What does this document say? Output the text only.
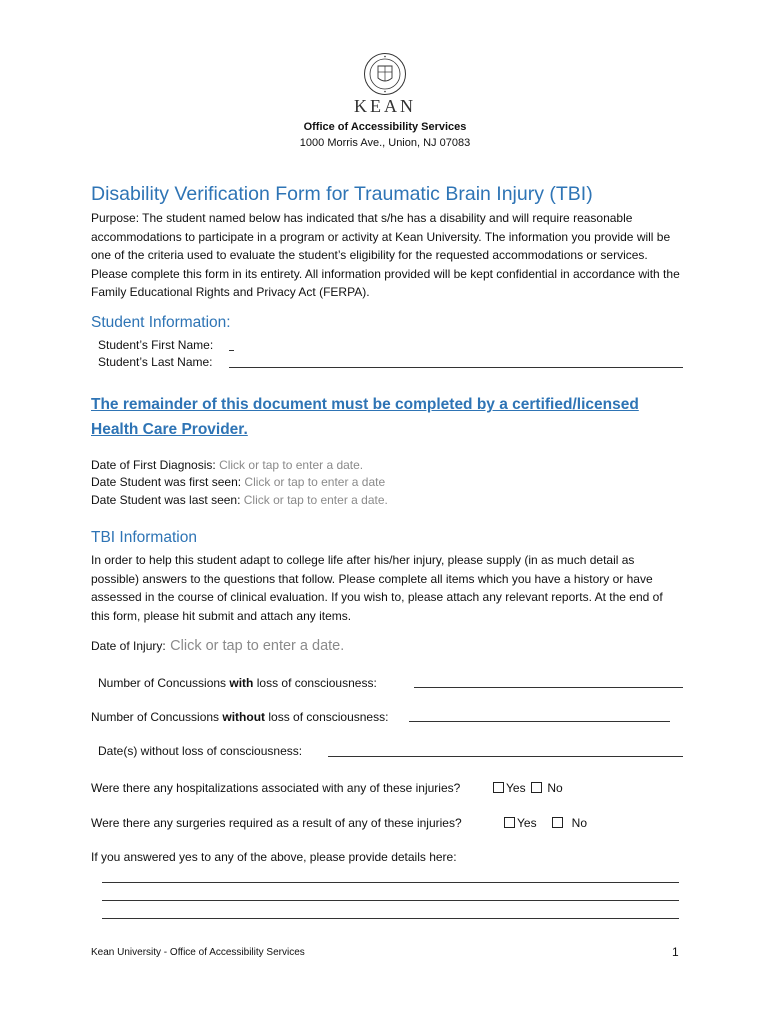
KEAN
Office of Accessibility Services
1000 Morris Ave., Union, NJ 07083
Disability Verification Form for Traumatic Brain Injury (TBI)
Purpose: The student named below has indicated that s/he has a disability and will require reasonable accommodations to participate in a program or activity at Kean University. The information you provide will be one of the criteria used to evaluate the student’s eligibility for the requested accommodations or services. Please complete this form in its entirety. All information provided will be kept confidential in accordance with the Family Educational Rights and Privacy Act (FERPA).
Student Information:
Student’s First Name:
Student’s Last Name:
The remainder of this document must be completed by a certified/licensed
Health Care Provider.
Date of First Diagnosis: Click or tap to enter a date.
Date Student was first seen: Click or tap to enter a date
Date Student was last seen: Click or tap to enter a date.
TBI Information
In order to help this student adapt to college life after his/her injury, please supply (in as much detail as possible) answers to the questions that follow. Please complete all items which you have a history or have assessed in the course of clinical evaluation. If you wish to, please attach any relevant reports. At the end of this form, please hit submit and attach any items.
Date of Injury: Click or tap to enter a date.
Number of Concussions with loss of consciousness:
Number of Concussions without loss of consciousness:
Date(s) without loss of consciousness:
Were there any hospitalizations associated with any of these injuries?	Yes	No
Were there any surgeries required as a result of any of these injuries?	Yes	No
If you answered yes to any of the above, please provide details here:
Kean University - Office of Accessibility Services	1
